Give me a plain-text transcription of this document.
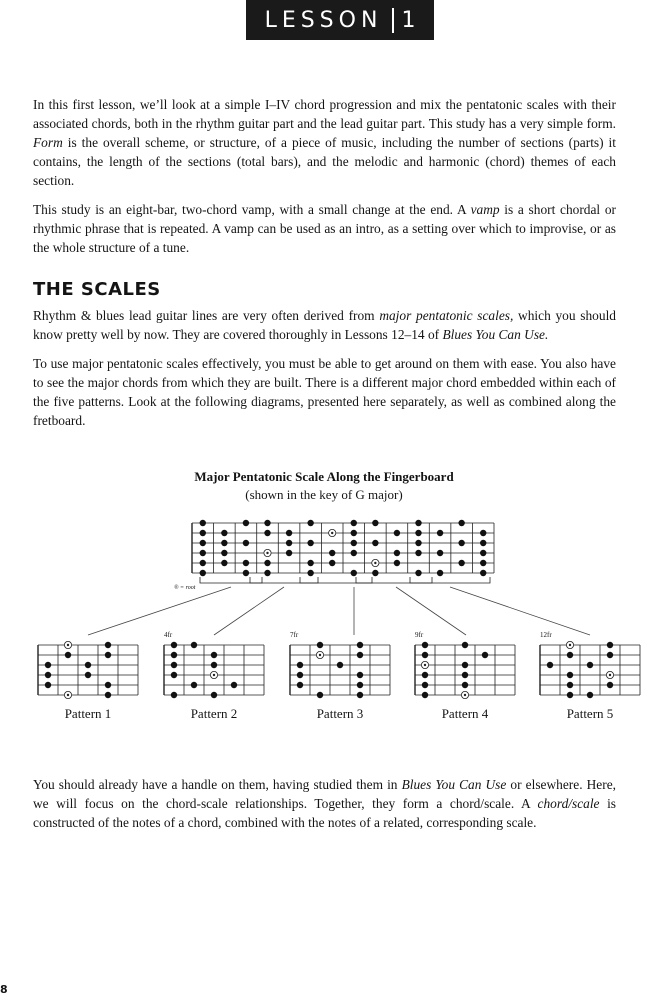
LESSON 1

In this first lesson, we’ll look at a simple I–IV chord progression and mix the pentatonic scales with their associated chords, both in the rhythm guitar part and the lead guitar part. This study has a very simple form. Form is the overall scheme, or structure, of a piece of music, including the number of sections (parts) it contains, the length of the sections (total bars), and the melodic and harmonic (chord) themes of each section.

This study is an eight-bar, two-chord vamp, with a small change at the end. A vamp is a short chordal or rhythmic phrase that is repeated. A vamp can be used as an intro, as a setting over which to improvise, or as the whole structure of a tune.

THE SCALES

Rhythm & blues lead guitar lines are very often derived from major pentatonic scales, which you should know pretty well by now. They are covered thoroughly in Lessons 12–14 of Blues You Can Use.

To use major pentatonic scales effectively, you must be able to get around on them with ease. You also have to see the major chords from which they are built. There is a different major chord embedded within each of the five patterns. Look at the following diagrams, presented here separately, as well as combined along the fretboard.

Major Pentatonic Scale Along the Fingerboard
(shown in the key of G major)
® = root
4fr	7fr	9fr	12fr
Pattern 1	Pattern 2	Pattern 3	Pattern 4	Pattern 5

You should already have a handle on them, having studied them in Blues You Can Use or elsewhere. Here, we will focus on the chord-scale relationships. Together, they form a chord/scale. A chord/scale is constructed of the notes of a chord, combined with the notes of a related, corresponding scale.

8
